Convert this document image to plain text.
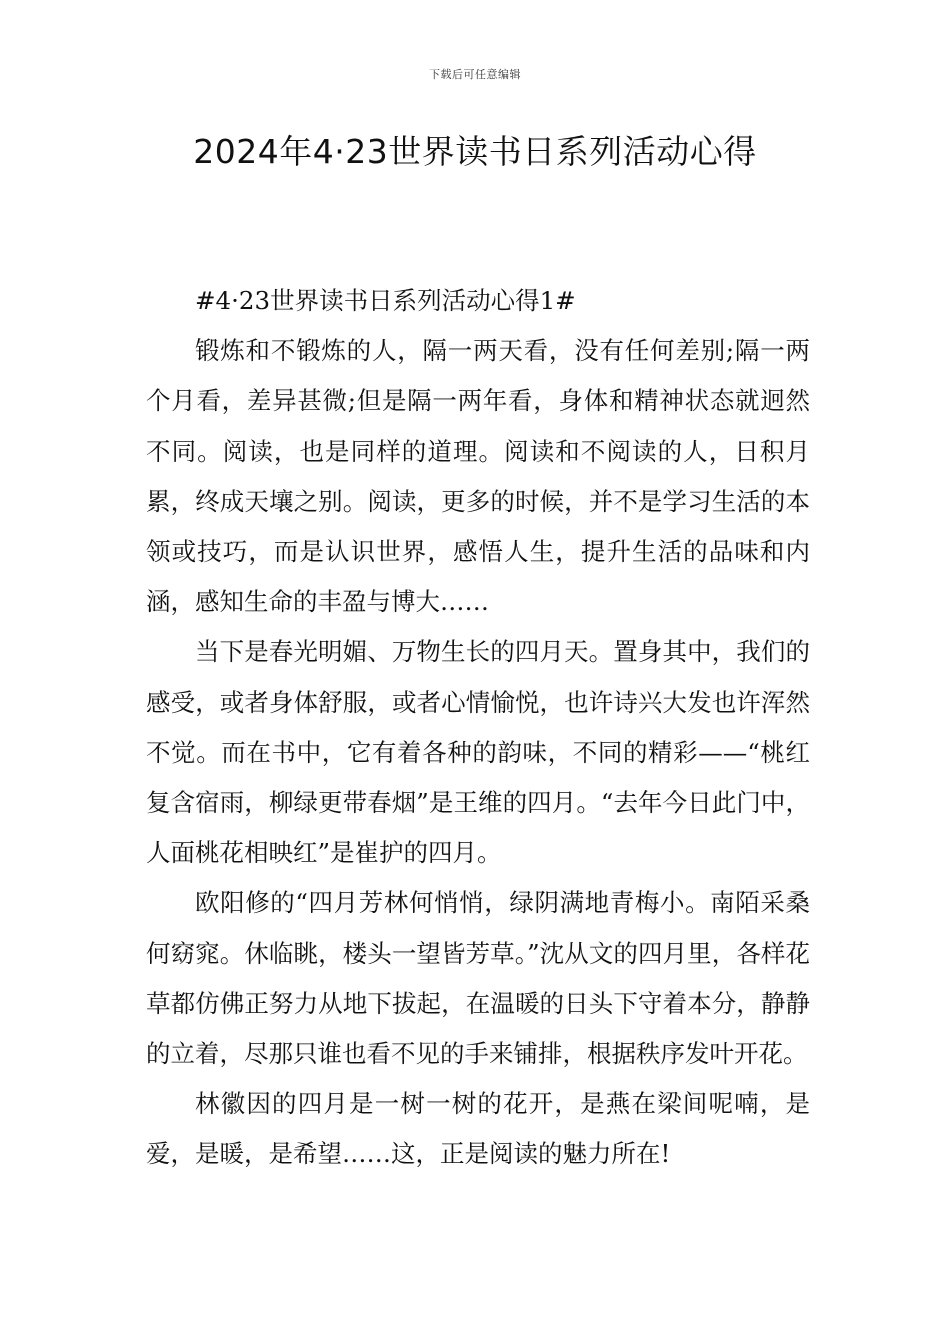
下载后可任意编辑
2024年4·23世界读书日系列活动心得

#4·23世界读书日系列活动心得1#

锻炼和不锻炼的人，隔一两天看，没有任何差别;隔一两个月看，差异甚微;但是隔一两年看，身体和精神状态就迥然不同。阅读，也是同样的道理。阅读和不阅读的人，日积月累，终成天壤之别。阅读，更多的时候，并不是学习生活的本领或技巧，而是认识世界，感悟人生，提升生活的品味和内涵，感知生命的丰盈与博大……

当下是春光明媚、万物生长的四月天。置身其中，我们的感受，或者身体舒服，或者心情愉悦，也许诗兴大发也许浑然不觉。而在书中，它有着各种的韵味，不同的精彩——“桃红复含宿雨，柳绿更带春烟”是王维的四月。“去年今日此门中，人面桃花相映红”是崔护的四月。

欧阳修的“四月芳林何悄悄，绿阴满地青梅小。南陌采桑何窈窕。休临眺，楼头一望皆芳草。”沈从文的四月里，各样花草都仿佛正努力从地下拔起，在温暖的日头下守着本分，静静的立着，尽那只谁也看不见的手来铺排，根据秩序发叶开花。

林徽因的四月是一树一树的花开，是燕在梁间呢喃，是爱，是暖，是希望……这，正是阅读的魅力所在!
